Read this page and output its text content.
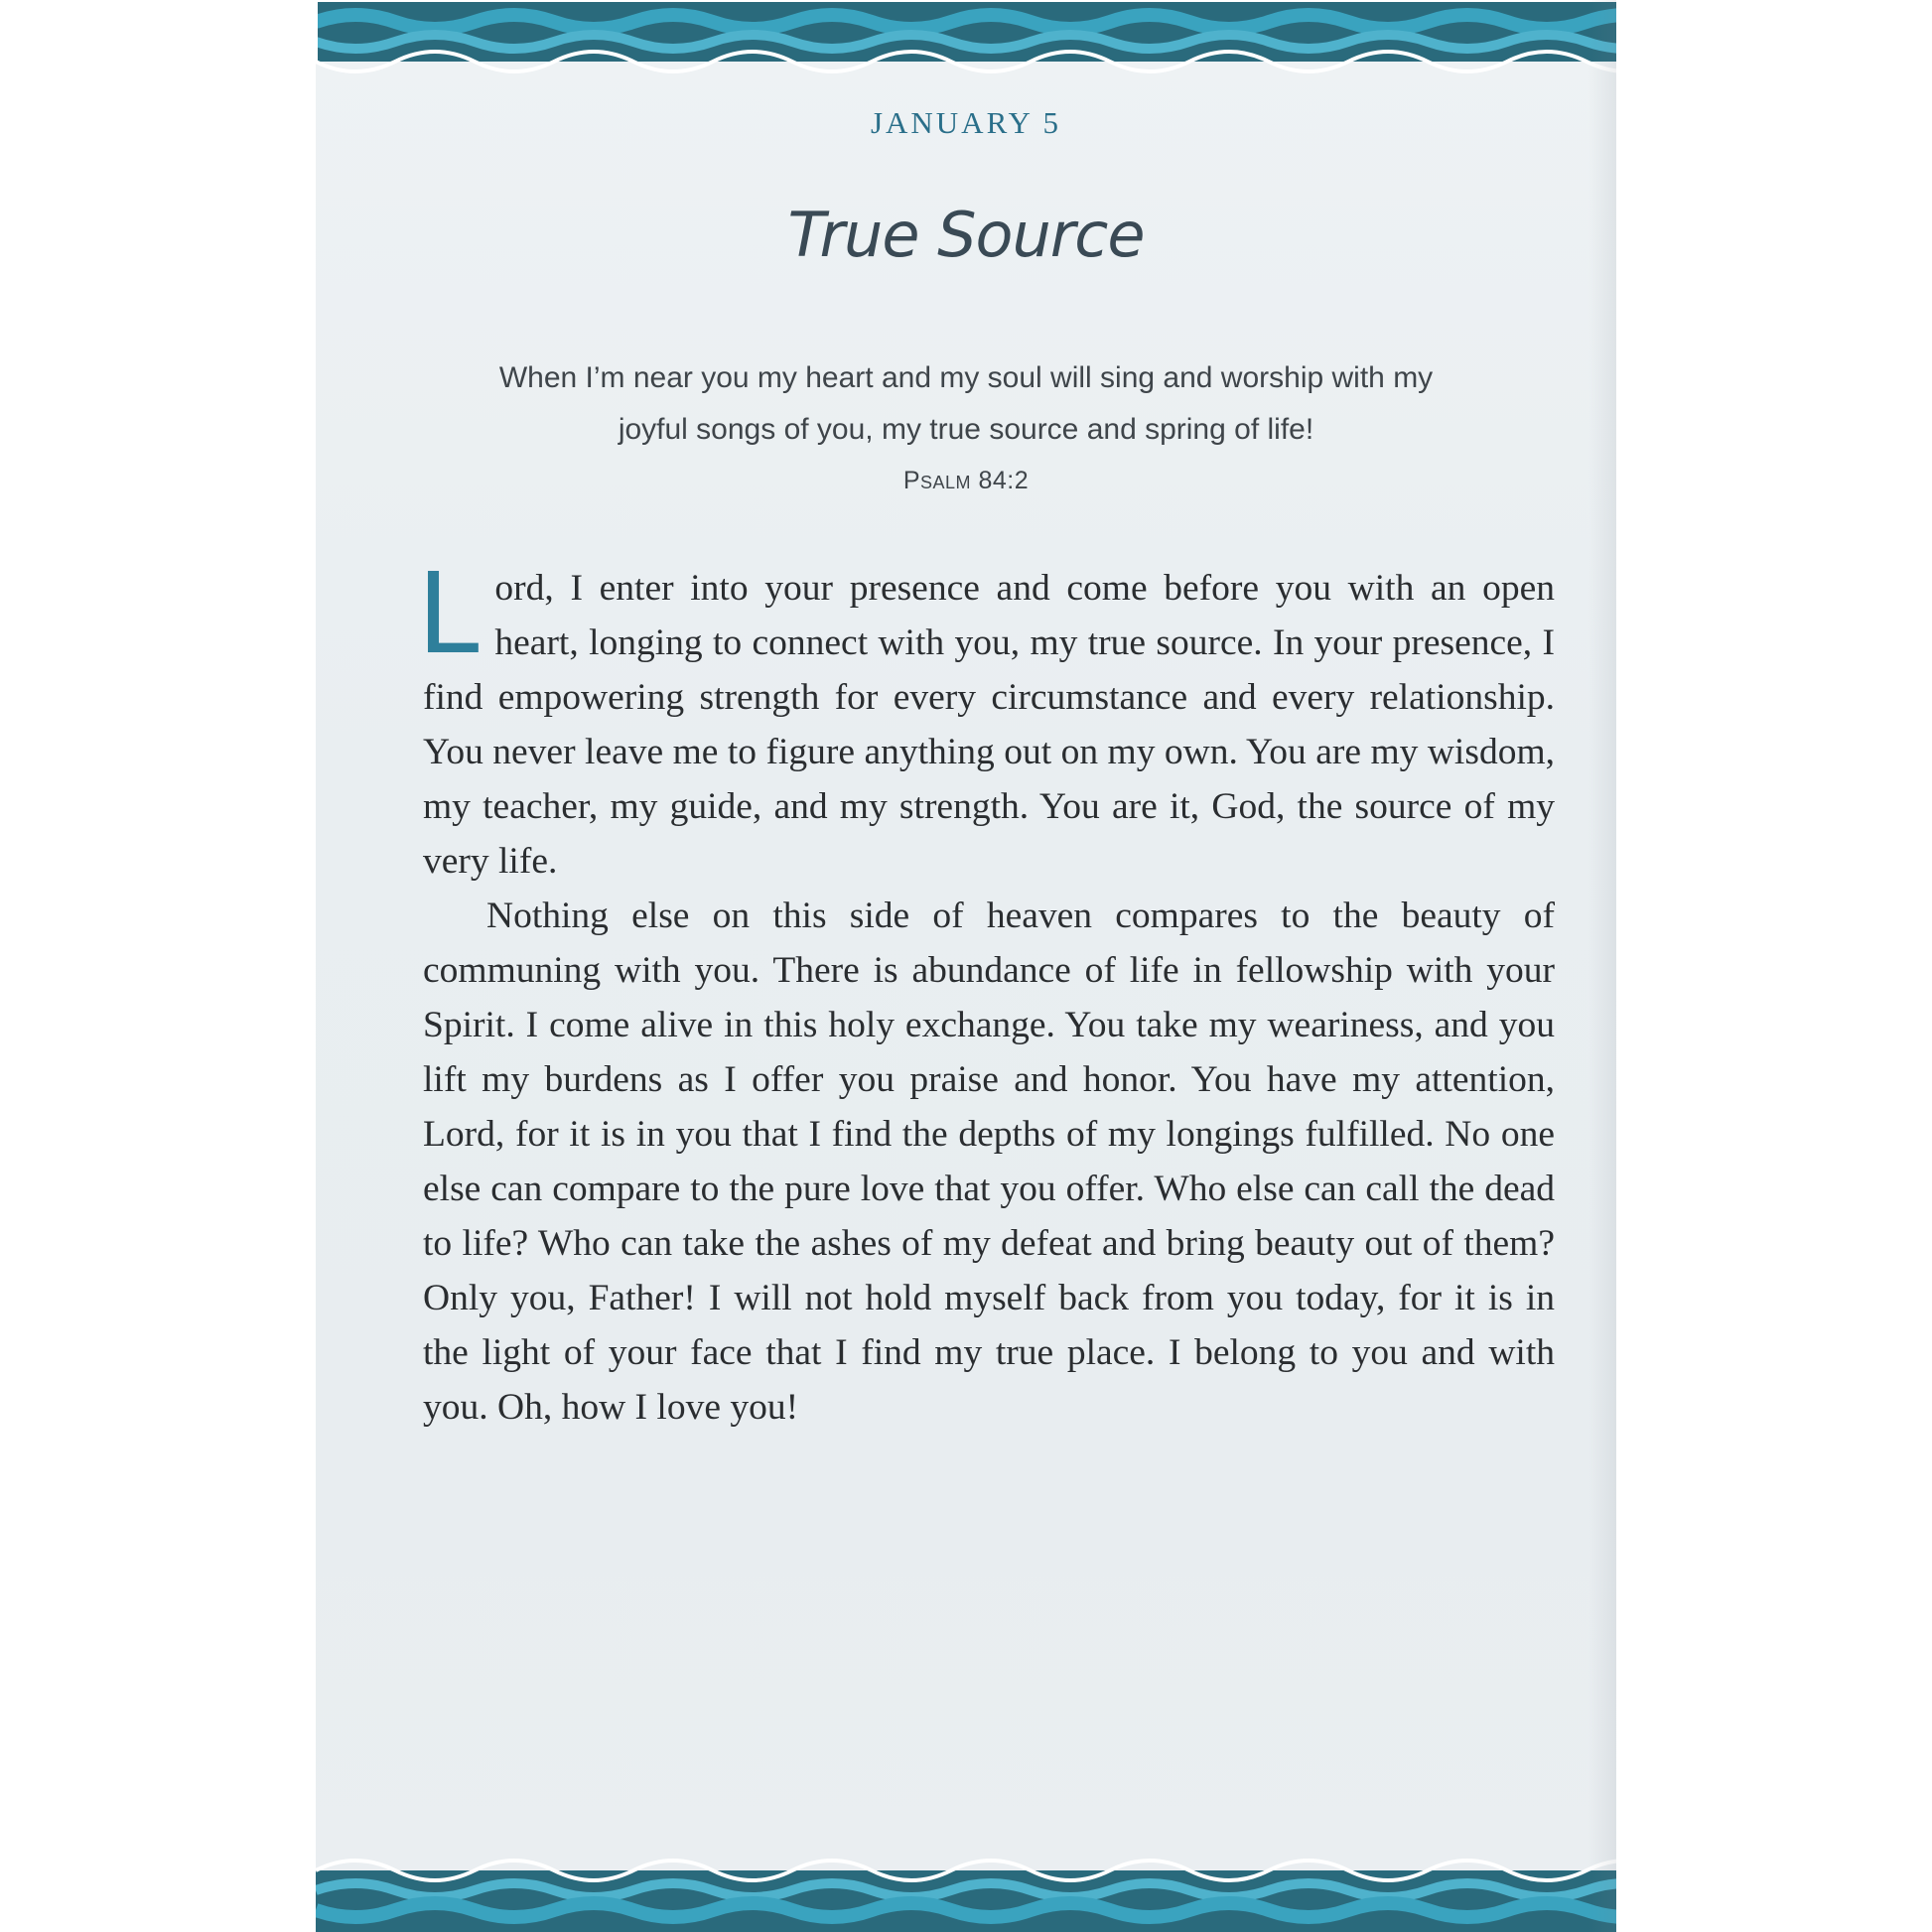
JANUARY 5
True Source
When I’m near you my heart and my soul will sing and worship with my joyful songs of you, my true source and spring of life!
Psalm 84:2

Lord, I enter into your presence and come before you with an open heart, longing to connect with you, my true source. In your presence, I find empowering strength for every circumstance and every relationship. You never leave me to figure anything out on my own. You are my wisdom, my teacher, my guide, and my strength. You are it, God, the source of my very life.

Nothing else on this side of heaven compares to the beauty of communing with you. There is abundance of life in fellowship with your Spirit. I come alive in this holy exchange. You take my weariness, and you lift my burdens as I offer you praise and honor. You have my attention, Lord, for it is in you that I find the depths of my longings fulfilled. No one else can compare to the pure love that you offer. Who else can call the dead to life? Who can take the ashes of my defeat and bring beauty out of them? Only you, Father! I will not hold myself back from you today, for it is in the light of your face that I find my true place. I belong to you and with you. Oh, how I love you!
